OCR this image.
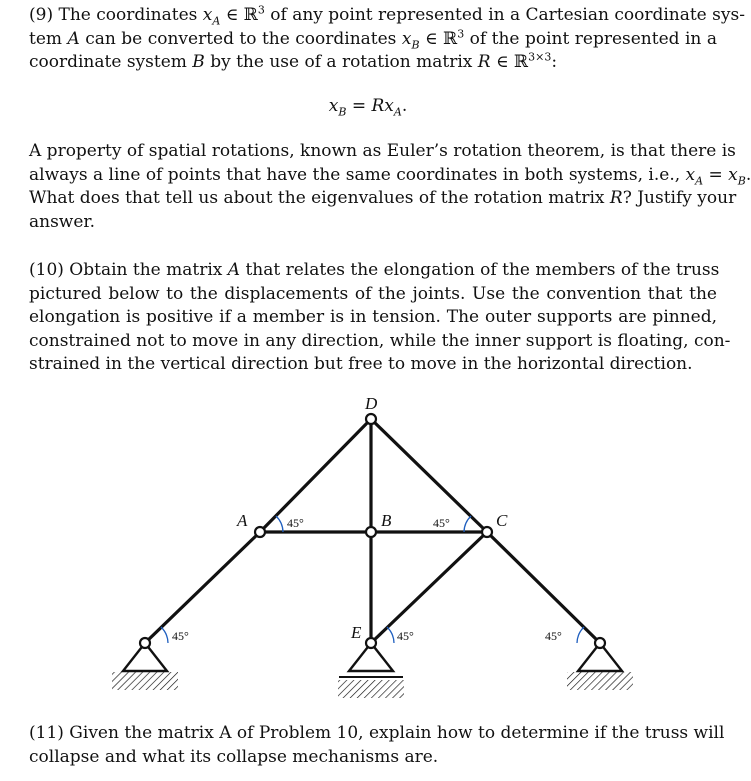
(9) The coordinates $x_A$ ∈ ℝ$^3$ of any point represented in a Cartesian coordinate sys-
tem A can be converted to the coordinates $x_B$ ∈ ℝ$^3$ of the point represented in a
coordinate system B by the use of a rotation matrix R ∈ ℝ$^{3\times 3}$:
$x_B = Rx_A$.
A property of spatial rotations, known as Euler’s rotation theorem, is that there is
always a line of points that have the same coordinates in both systems, i.e., $x_A = x_B$.
What does that tell us about the eigenvalues of the rotation matrix R? Justify your
answer.
(10) Obtain the matrix A that relates the elongation of the members of the truss
pictured below to the displacements of the joints. Use the convention that the
elongation is positive if a member is in tension. The outer supports are pinned,
constrained not to move in any direction, while the inner support is floating, con-
strained in the vertical direction but free to move in the horizontal direction.
45°
45°	45°
45°	45°
D
A	B	C
E
(11) Given the matrix A of Problem 10, explain how to determine if the truss will
collapse and what its collapse mechanisms are.
